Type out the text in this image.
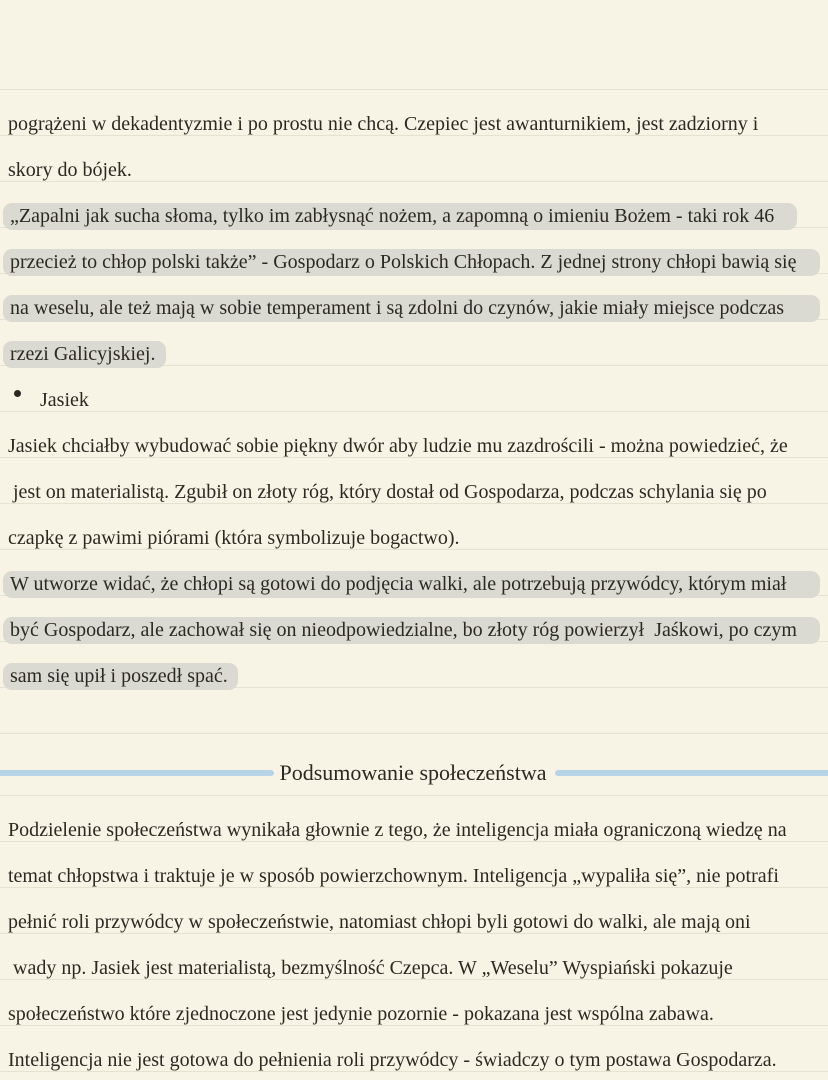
pogrążeni w dekadentyzmie i po prostu nie chcą. Czepiec jest awanturnikiem, jest zadziorny i
skory do bójek.
„Zapalni jak sucha słoma, tylko im zabłysnąć nożem, a zapomną o imieniu Bożem - taki rok 46
przecież to chłop polski także” - Gospodarz o Polskich Chłopach. Z jednej strony chłopi bawią się
na weselu, ale też mają w sobie temperament i są zdolni do czynów, jakie miały miejsce podczas
rzezi Galicyjskiej.
Jasiek
Jasiek chciałby wybudować sobie piękny dwór aby ludzie mu zazdrościli - można powiedzieć, że
jest on materialistą. Zgubił on złoty róg, który dostał od Gospodarza, podczas schylania się po
czapkę z pawimi piórami (która symbolizuje bogactwo).
W utworze widać, że chłopi są gotowi do podjęcia walki, ale potrzebują przywódcy, którym miał
być Gospodarz, ale zachował się on nieodpowiedzialne, bo złoty róg powierzył  Jaśkowi, po czym
sam się upił i poszedł spać.
Podsumowanie społeczeństwa
Podzielenie społeczeństwa wynikała głownie z tego, że inteligencja miała ograniczoną wiedzę na
temat chłopstwa i traktuje je w sposób powierzchownym. Inteligencja „wypaliła się”, nie potrafi
pełnić roli przywódcy w społeczeństwie, natomiast chłopi byli gotowi do walki, ale mają oni
wady np. Jasiek jest materialistą, bezmyślność Czepca. W „Weselu” Wyspiański pokazuje
społeczeństwo które zjednoczone jest jedynie pozornie - pokazana jest wspólna zabawa.
Inteligencja nie jest gotowa do pełnienia roli przywódcy - świadczy o tym postawa Gospodarza.
